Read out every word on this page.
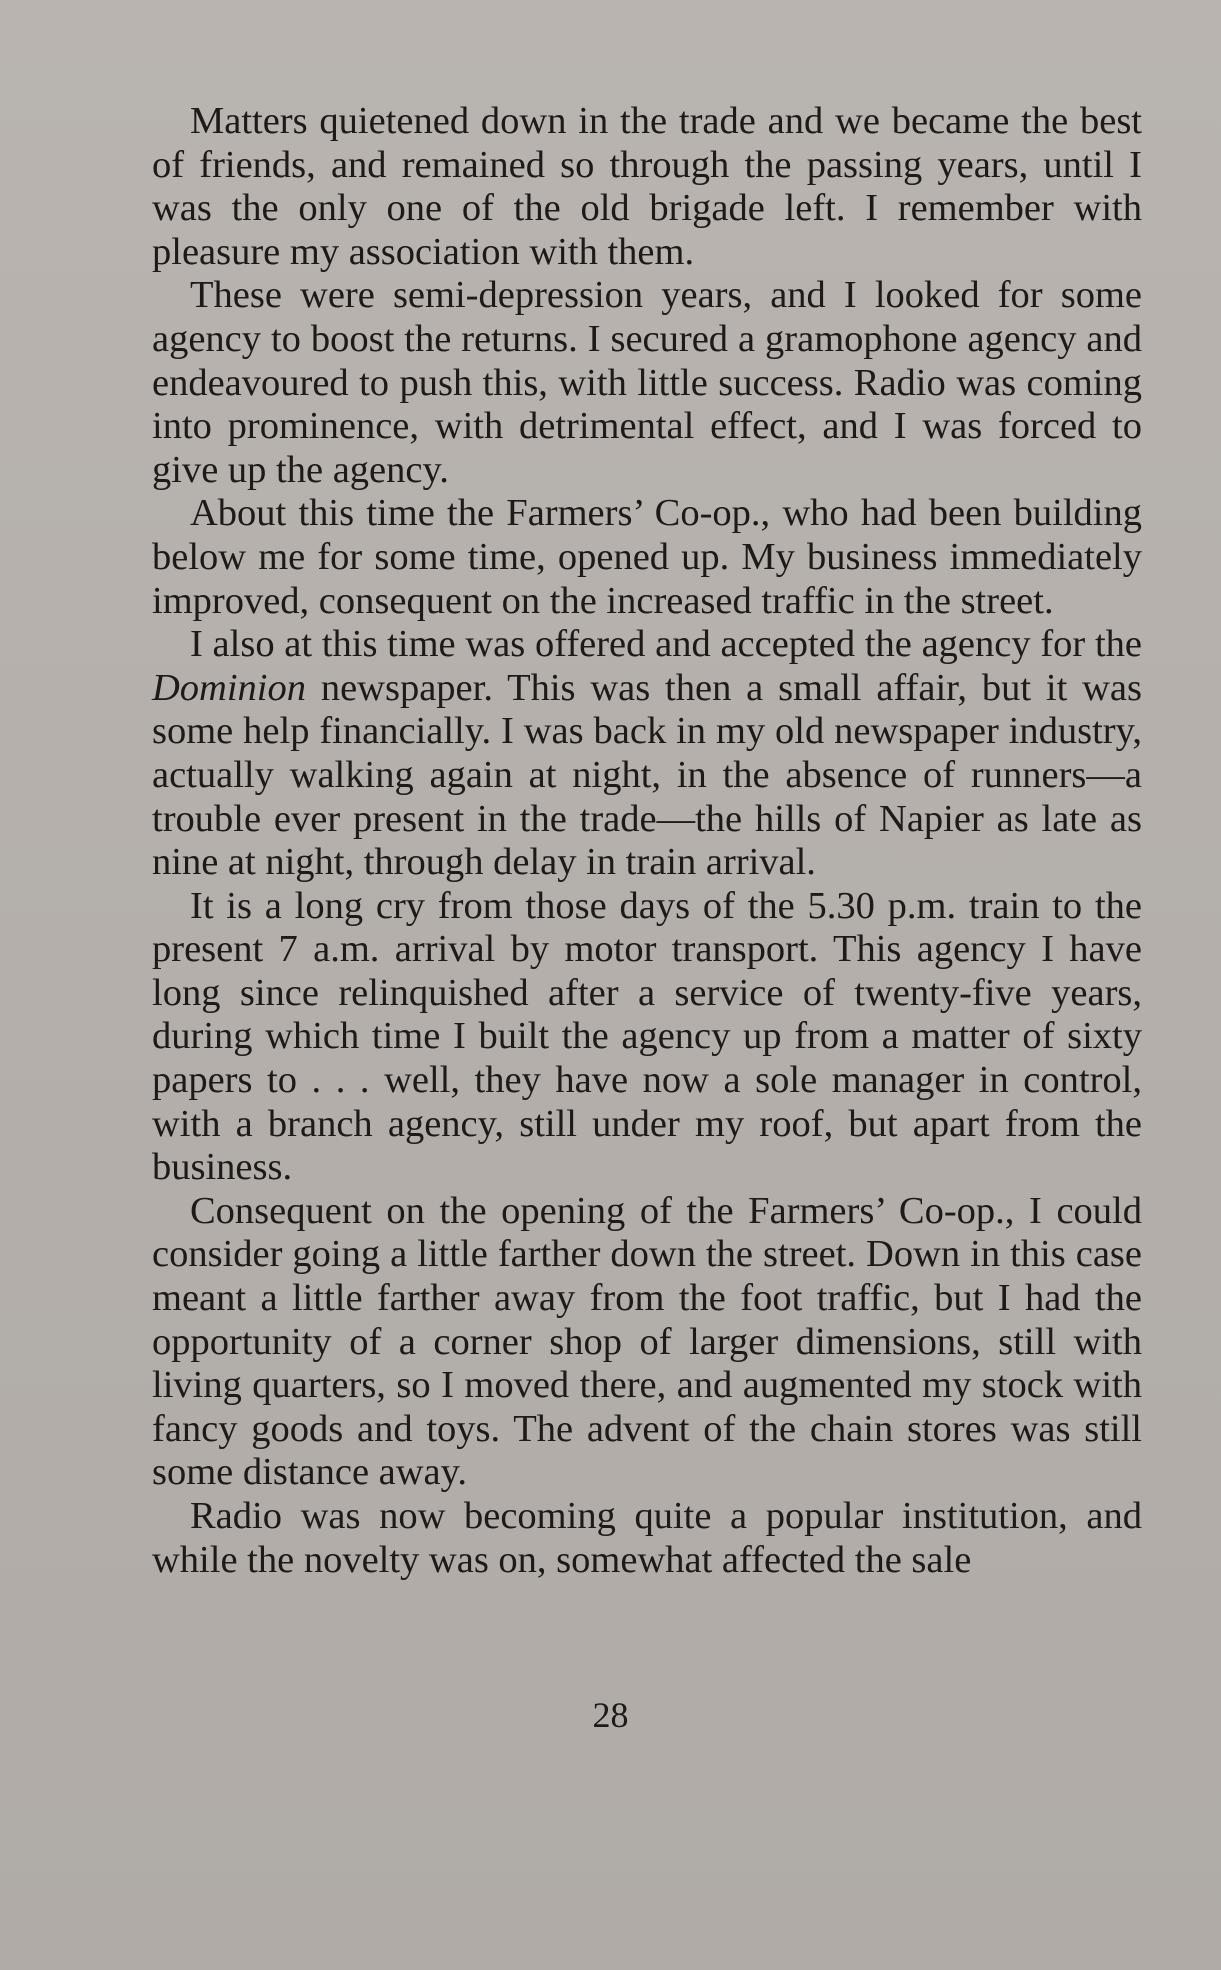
Matters quietened down in the trade and we became the best of friends, and remained so through the passing years, until I was the only one of the old brigade left. I remember with pleasure my association with them.

These were semi-depression years, and I looked for some agency to boost the returns. I secured a gramophone agency and endeavoured to push this, with little success. Radio was coming into prominence, with detrimental effect, and I was forced to give up the agency.

About this time the Farmers’ Co-op., who had been building below me for some time, opened up. My business immediately improved, consequent on the increased traffic in the street.

I also at this time was offered and accepted the agency for the Dominion newspaper. This was then a small affair, but it was some help financially. I was back in my old newspaper industry, actually walking again at night, in the absence of runners—a trouble ever present in the trade—the hills of Napier as late as nine at night, through delay in train arrival.

It is a long cry from those days of the 5.30 p.m. train to the present 7 a.m. arrival by motor transport. This agency I have long since relinquished after a service of twenty-five years, during which time I built the agency up from a matter of sixty papers to . . . well, they have now a sole manager in control, with a branch agency, still under my roof, but apart from the business.

Consequent on the opening of the Farmers’ Co-op., I could consider going a little farther down the street. Down in this case meant a little farther away from the foot traffic, but I had the opportunity of a corner shop of larger dimensions, still with living quarters, so I moved there, and augmented my stock with fancy goods and toys. The advent of the chain stores was still some distance away.

Radio was now becoming quite a popular institution, and while the novelty was on, somewhat affected the sale

28
